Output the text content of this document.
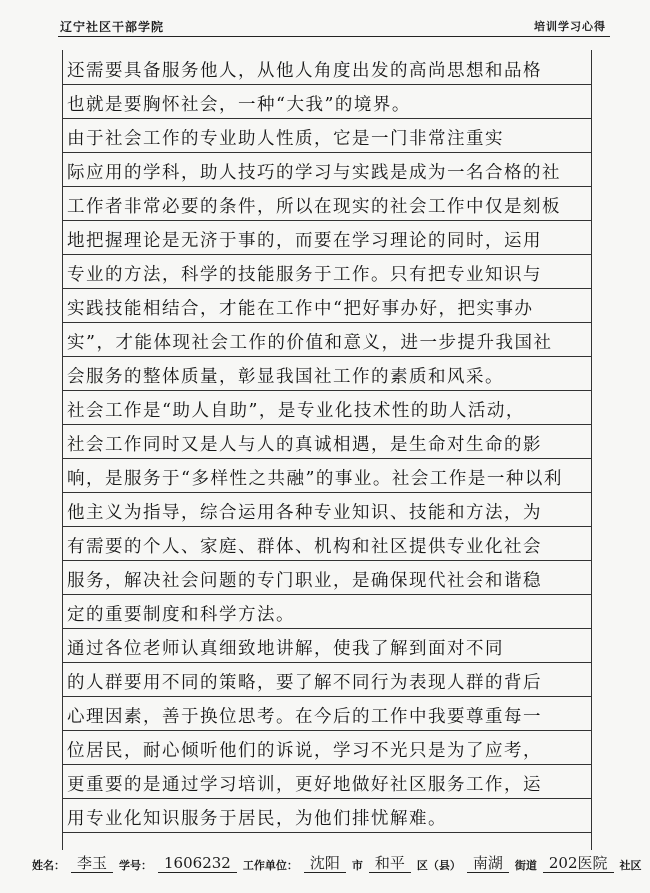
辽宁社区干部学院	培训学习心得
还需要具备服务他人，从他人角度出发的高尚思想和品格
也就是要胸怀社会，一种“大我”的境界。
由于社会工作的专业助人性质，它是一门非常注重实
际应用的学科，助人技巧的学习与实践是成为一名合格的社
工作者非常必要的条件，所以在现实的社会工作中仅是刻板
地把握理论是无济于事的，而要在学习理论的同时，运用
专业的方法，科学的技能服务于工作。只有把专业知识与
实践技能相结合，才能在工作中“把好事办好，把实事办
实”，才能体现社会工作的价值和意义，进一步提升我国社
会服务的整体质量，彰显我国社工作的素质和风采。
社会工作是“助人自助”，是专业化技术性的助人活动，
社会工作同时又是人与人的真诚相遇，是生命对生命的影
响，是服务于“多样性之共融”的事业。社会工作是一种以利
他主义为指导，综合运用各种专业知识、技能和方法，为
有需要的个人、家庭、群体、机构和社区提供专业化社会
服务，解决社会问题的专门职业，是确保现代社会和谐稳
定的重要制度和科学方法。
通过各位老师认真细致地讲解，使我了解到面对不同
的人群要用不同的策略，要了解不同行为表现人群的背后
心理因素，善于换位思考。在今后的工作中我要尊重每一
位居民，耐心倾听他们的诉说，学习不光只是为了应考，
更重要的是通过学习培训，更好地做好社区服务工作，运
用专业化知识服务于居民，为他们排忧解难。
姓名： 李玉	学号： 1606232	工作单位： 沈阳	市 和平	区（县） 南湖	街道 202医院	社区
